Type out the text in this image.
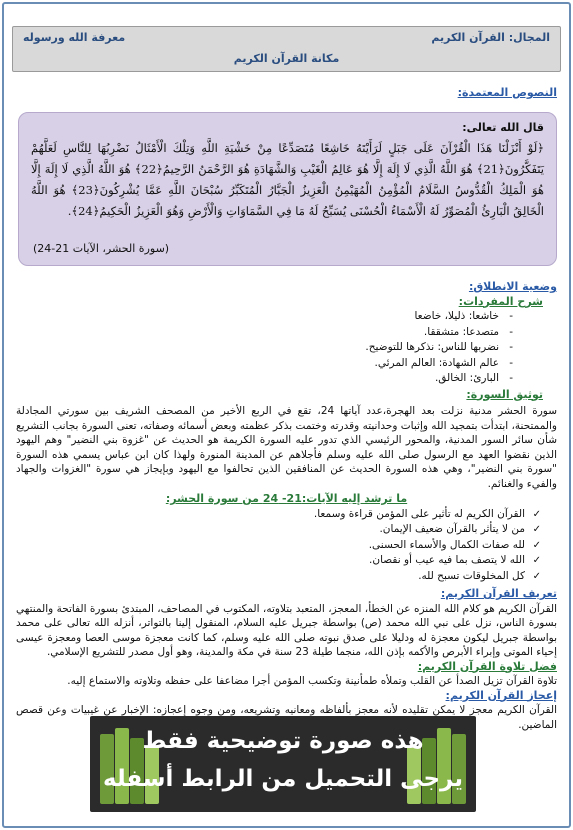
المجال: القرآن الكريم
معرفة الله ورسوله
مكانة القرآن الكريم
النصوص المعتمدة:
قال الله تعالى:
﴿لَوْ أَنْزَلْنَا هَذَا الْقُرْآنَ عَلَى جَبَلٍ لَرَأَيْتَهُ خَاشِعًا مُتَصَدِّعًا مِنْ خَشْيَةِ اللَّهِ وَتِلْكَ الْأَمْثَالُ نَضْرِبُهَا لِلنَّاسِ لَعَلَّهُمْ يَتَفَكَّرُونَ﴿21﴾ هُوَ اللَّهُ الَّذِي لَا إِلَهَ إِلَّا هُوَ عَالِمُ الْغَيْبِ وَالشَّهَادَةِ هُوَ الرَّحْمَنُ الرَّحِيمُ﴿22﴾ هُوَ اللَّهُ الَّذِي لَا إِلَهَ إِلَّا هُوَ الْمَلِكُ الْقُدُّوسُ السَّلَامُ الْمُؤْمِنُ الْمُهَيْمِنُ الْعَزِيزُ الْجَبَّارُ الْمُتَكَبِّرُ سُبْحَانَ اللَّهِ عَمَّا يُشْرِكُونَ﴿23﴾ هُوَ اللَّهُ الْخَالِقُ الْبَارِئُ الْمُصَوِّرُ لَهُ الْأَسْمَاءُ الْحُسْنَى يُسَبِّحُ لَهُ مَا فِي السَّمَاوَاتِ وَالْأَرْضِ وَهُوَ الْعَزِيزُ الْحَكِيمُ﴿24﴾.
(سورة الحشر، الآيات 21-24)
وضعية الانطلاق:
شرح المفردات:
- خاشعا: ذليلا، خاضعا
- متصدعا: متشققا.
- نضربها للناس: نذكرها للتوضيح.
- عالم الشهادة: العالم المرئي.
- البارئ: الخالق.
توثيق السورة:

سورة الحشر مدنية نزلت بعد الهجرة،عدد آياتها 24، تقع في الربع الأخير من المصحف الشريف بين سورتي المجادلة والممتحنة، ابتدأت بتمجيد الله وإثبات وحدانيته وقدرته وختمت بذكر عظمته وبعض أسمائه وصفاته، تعنى السورة بجانب التشريع شأن سائر السور المدنية، والمحور الرئيسي الذي تدور عليه السورة الكريمة هو الحديث عن "غزوة بني النضير" وهم اليهود الذين نقضوا العهد مع الرسول صلى الله عليه وسلم فأجلاهم عن المدينة المنورة ولهذا كان ابن عباس يسمي هذه السورة "سورة بني النضير"، وهي هذه السورة الحديث عن المنافقين الذين تحالفوا مع اليهود وبإيجاز هي سورة "الغزوات والجهاد والفيء والغنائم.

ما ترشد إليه الآيات:21- 24 من سورة الحشر:
✓ القرآن الكريم له تأثير على المؤمن قراءة وسمعا.
✓ من لا يتأثر بالقرآن ضعيف الإيمان.
✓ لله صفات الكمال والأسماء الحسنى.
✓ الله لا يتصف بما فيه عيب أو نقصان.
✓ كل المخلوقات تسبح لله.
تعريف القرآن الكريم:

القرآن الكريم هو كلام الله المنزه عن الخطأ، المعجز، المتعبد بتلاوته، المكتوب في المصاحف، المبتدئ بسورة الفاتحة والمنتهي بسورة الناس، نزل على نبي الله محمد (ص) بواسطة جبريل عليه السلام، المنقول إلينا بالتواتر، أنزله الله تعالى على محمد بواسطة جبريل ليكون معجزة له ودليلا على صدق نبوته صلى الله عليه وسلم، كما كانت معجزة موسى العصا ومعجزة عيسى إحياء الموتى وإبراء الأبرص والأكمه بإذن الله، منجما طيلة 23 سنة في مكة والمدينة، وهو أول مصدر للتشريع الإسلامي.

فضل تلاوة القرآن الكريم:

تلاوة القرآن تزيل الصدأ عن القلب وتملأه طمأنينة وتكسب المؤمن أجرا مضاعفا على حفظه وتلاوته والاستماع إليه.

إعجاز القرآن الكريم:

القرآن الكريم معجز لا يمكن تقليده لأنه معجز بألفاظه ومعانيه وتشريعه، ومن وجوه إعجازه: الإخبار عن غيبيات وعن قصص الماضين.

هذه صورة توضيحية فقط
يرجى التحميل من الرابط أسفله
